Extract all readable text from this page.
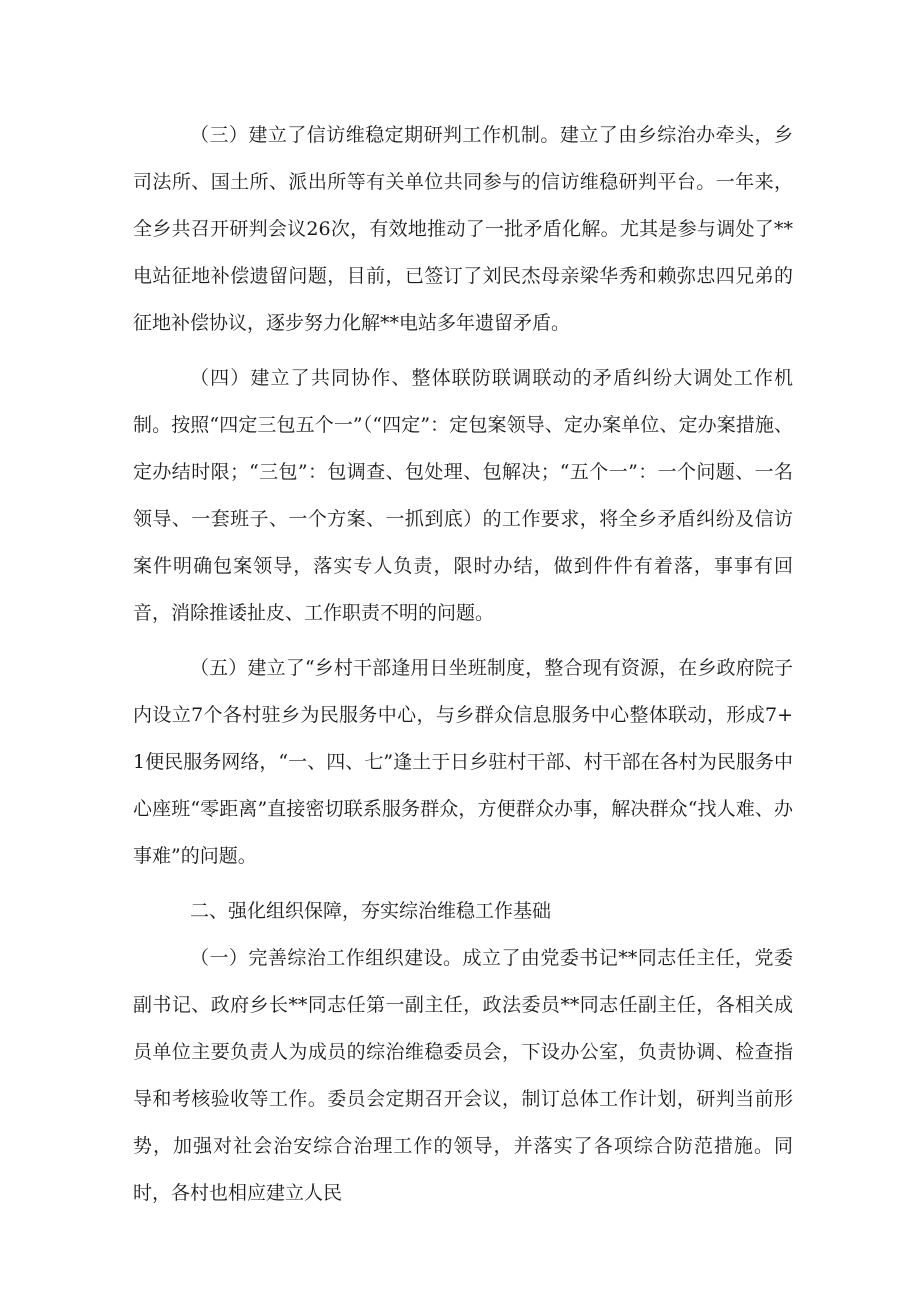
（三）建立了信访维稳定期研判工作机制。建立了由乡综治办牵头，乡司法所、国土所、派出所等有关单位共同参与的信访维稳研判平台。一年来，全乡共召开研判会议26次，有效地推动了一批矛盾化解。尤其是参与调处了**电站征地补偿遗留问题，目前，已签订了刘民杰母亲梁华秀和赖弥忠四兄弟的征地补偿协议，逐步努力化解**电站多年遗留矛盾。

（四）建立了共同协作、整体联防联调联动的矛盾纠纷大调处工作机制。按照“四定三包五个一”（“四定”：定包案领导、定办案单位、定办案措施、定办结时限；“三包”：包调查、包处理、包解决；“五个一”：一个问题、一名领导、一套班子、一个方案、一抓到底）的工作要求，将全乡矛盾纠纷及信访案件明确包案领导，落实专人负责，限时办结，做到件件有着落，事事有回音，消除推诿扯皮、工作职责不明的问题。

（五）建立了“乡村干部逢用日坐班制度，整合现有资源，在乡政府院子内设立7个各村驻乡为民服务中心，与乡群众信息服务中心整体联动，形成7+1便民服务网络，“一、四、七”逢土于日乡驻村干部、村干部在各村为民服务中心座班“零距离”直接密切联系服务群众，方便群众办事，解决群众“找人难、办事难”的问题。

二、强化组织保障，夯实综治维稳工作基础

（一）完善综治工作组织建设。成立了由党委书记**同志任主任，党委副书记、政府乡长**同志任第一副主任，政法委员**同志任副主任，各相关成员单位主要负责人为成员的综治维稳委员会，下设办公室，负责协调、检查指导和考核验收等工作。委员会定期召开会议，制订总体工作计划，研判当前形势，加强对社会治安综合治理工作的领导，并落实了各项综合防范措施。同时，各村也相应建立人民
